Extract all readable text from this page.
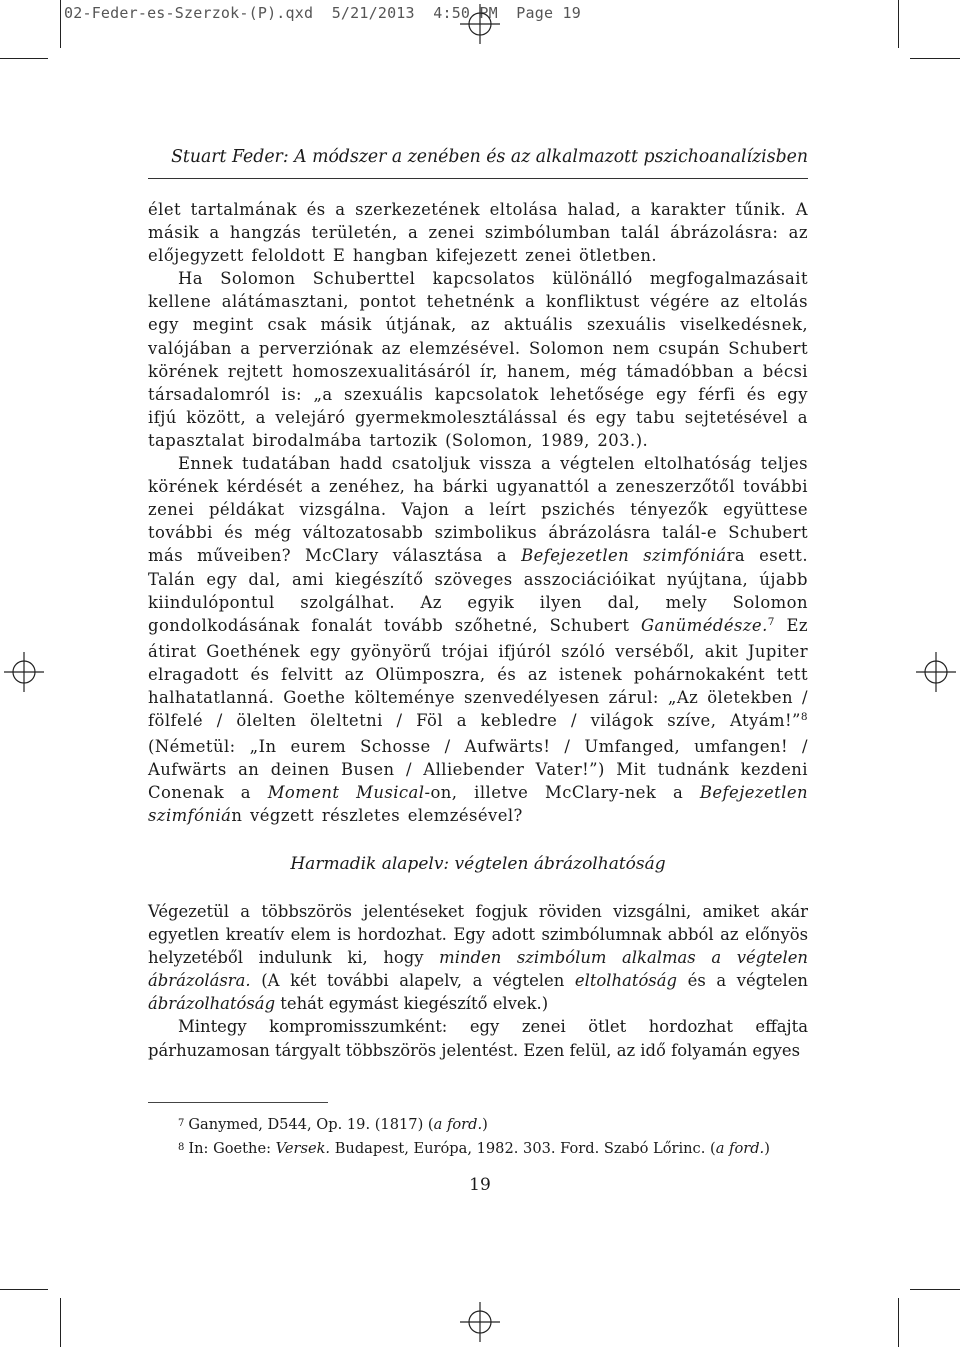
02-Feder-es-Szerzok-(P).qxd  5/21/2013  4:50 PM  Page 19
Stuart Feder: A módszer a zenében és az alkalmazott pszichoanalízisben

élet tartalmának és a szerkezetének eltolása halad, a karakter tűnik. A másik a hangzás területén, a zenei szimbólumban talál ábrázolásra: az előjegyzett feloldott E hangban kifejezett zenei ötletben.

Ha Solomon Schuberttel kapcsolatos különálló megfogalmazásait kellene alátámasztani, pontot tehetnénk a konfliktust végére az eltolás egy megint csak másik útjának, az aktuális szexuális viselkedésnek, valójában a perverziónak az elemzésével. Solomon nem csupán Schubert körének rejtett homoszexualitásáról ír, hanem, még támadóbban a bécsi társadalomról is: „a szexuális kapcsolatok lehetősége egy férfi és egy ifjú között, a velejáró gyermekmolesztálással és egy tabu sejtetésével a tapasztalat birodalmába tartozik (Solomon, 1989, 203.).

Ennek tudatában hadd csatoljuk vissza a végtelen eltolhatóság teljes körének kérdését a zenéhez, ha bárki ugyanattól a zeneszerzőtől további zenei példákat vizsgálna. Vajon a leírt pszichés tényezők együttese további és még változatosabb szimbolikus ábrázolásra talál-e Schubert más műveiben? McClary választása a Befejezetlen szimfóniára esett. Talán egy dal, ami kiegészítő szöveges asszociációikat nyújtana, újabb kiindulópontul szolgálhat. Az egyik ilyen dal, mely Solomon gondolkodásának fonalát tovább szőhetné, Schubert Ganümédésze.$^7$ Ez átirat Goethének egy gyönyörű trójai ifjúról szóló verséből, akit Jupiter elragadott és felvitt az Olümposzra, és az istenek pohárnokaként tett halhatatlanná. Goethe költeménye szenvedélyesen zárul: „Az öletekben / fölfelé / ölelten öleltetni / Föl a kebledre / világok szíve, Atyám!”$^8$ (Németül: „In eurem Schosse / Aufwärts! / Umfanged, umfangen! / Aufwärts an deinen Busen / Alliebender Vater!”) Mit tudnánk kezdeni Conenak a Moment Musical-on, illetve McClary-nek a Befejezetlen szimfónián végzett részletes elemzésével?

Harmadik alapelv: végtelen ábrázolhatóság

Végezetül a többszörös jelentéseket fogjuk röviden vizsgálni, amiket akár egyetlen kreatív elem is hordozhat. Egy adott szimbólumnak abból az előnyös helyzetéből indulunk ki, hogy minden szimbólum alkalmas a végtelen ábrázolásra. (A két további alapelv, a végtelen eltolhatóság és a végtelen ábrázolhatóság tehát egymást kiegészítő elvek.)

Mintegy kompromisszumként: egy zenei ötlet hordozhat effajta párhuzamosan tárgyalt többszörös jelentést. Ezen felül, az idő folyamán egyes

$^7$ Ganymed, D544, Op. 19. (1817) (a ford.)

$^8$ In: Goethe: Versek. Budapest, Európa, 1982. 303. Ford. Szabó Lőrinc. (a ford.)

19
